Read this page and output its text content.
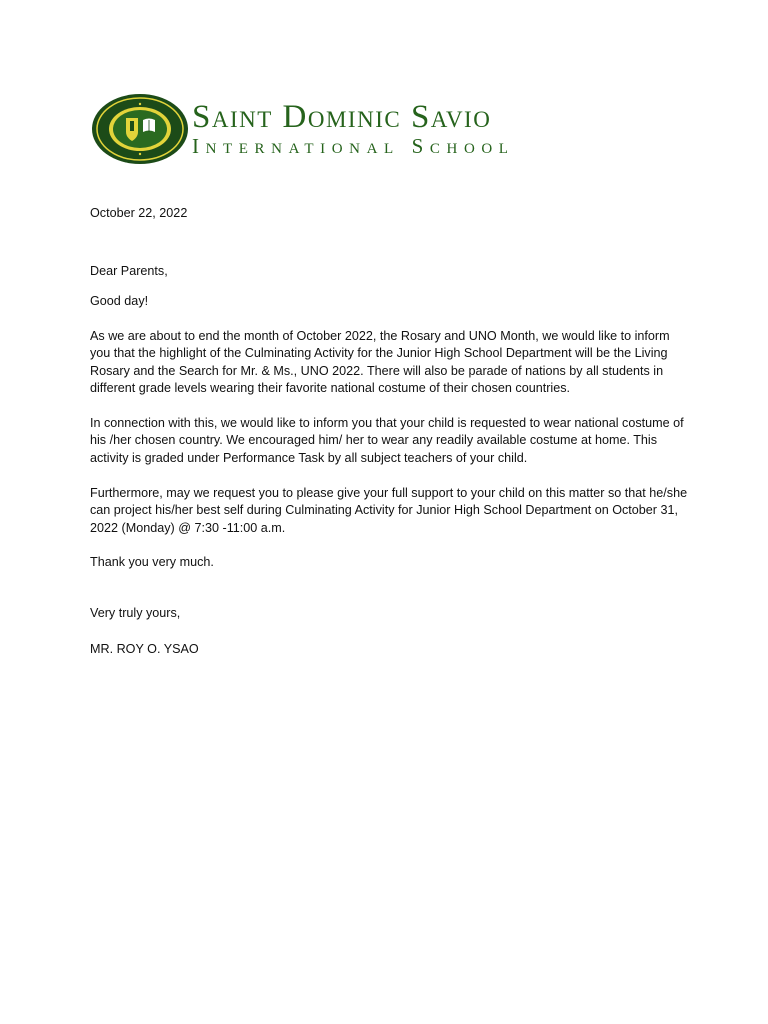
Saint Dominic Savio
International School
October 22, 2022
Dear Parents,
Good day!
As we are about to end the month of October 2022, the Rosary and UNO Month, we would like to inform you that the highlight of the Culminating Activity for the Junior High School Department will be the Living Rosary and the Search for Mr. & Ms., UNO 2022. There will also be parade of nations by all students in different grade levels wearing their favorite national costume of their chosen countries.
In connection with this, we would like to inform you that your child is requested to wear national costume of his /her chosen country. We encouraged him/ her to wear any readily available costume at home. This activity is graded under Performance Task by all subject teachers of your child.
Furthermore, may we request you to please give your full support to your child on this matter so that he/she can project his/her best self during Culminating Activity for Junior High School Department on October 31, 2022 (Monday) @ 7:30 -11:00 a.m.
Thank you very much.
Very truly yours,
MR. ROY O. YSAO
